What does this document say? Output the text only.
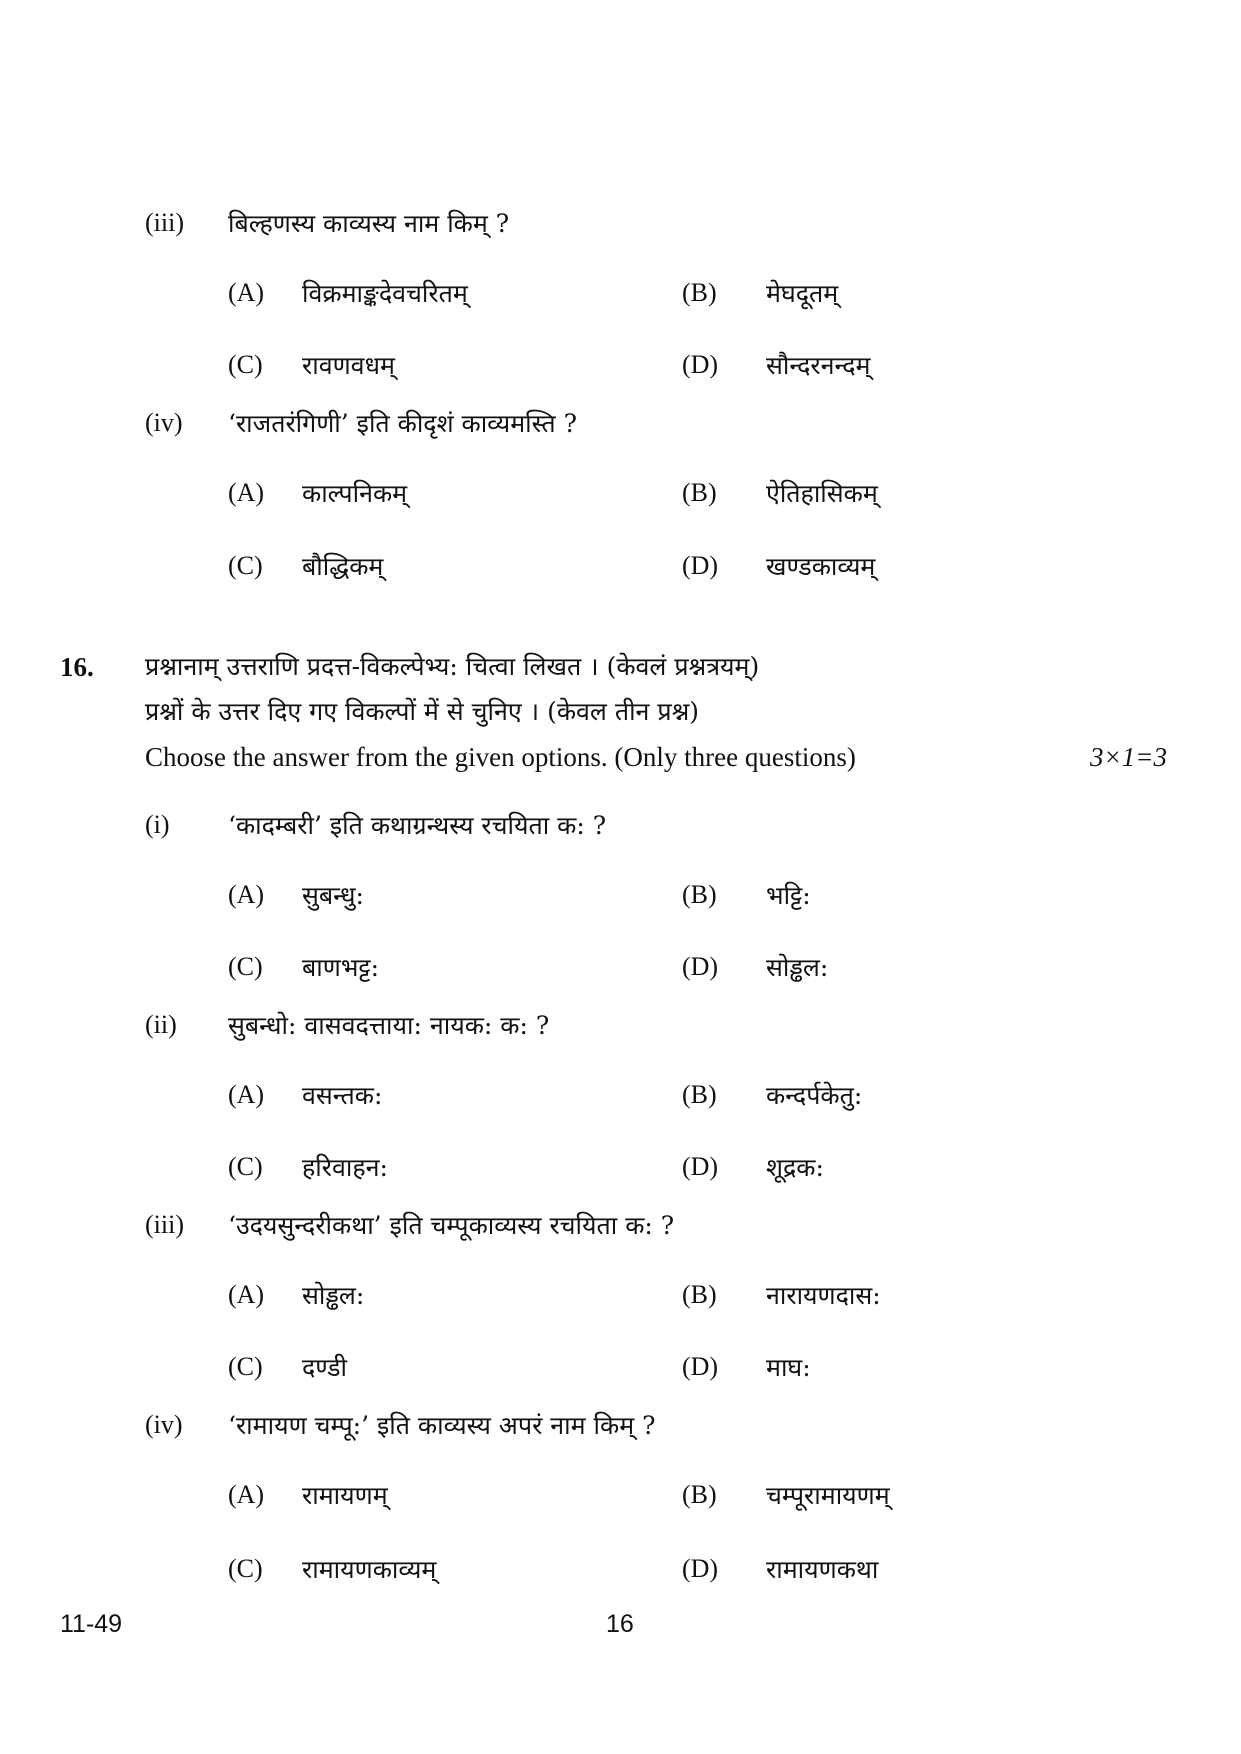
(iii) बिल्हणस्य काव्यस्य नाम किम् ?
(A) विक्रमाङ्कदेवचरितम्	(B) मेघदूतम्
(C) रावणवधम्	(D) सौन्दरनन्दम्
(iv) ‘राजतरंगिणी’ इति कीदृशं काव्यमस्ति ?
(A) काल्पनिकम्	(B) ऐतिहासिकम्
(C) बौद्धिकम्	(D) खण्डकाव्यम्
16. प्रश्नानाम् उत्तराणि प्रदत्त-विकल्पेभ्य: चित्वा लिखत । (केवलं प्रश्नत्रयम्)
प्रश्नों के उत्तर दिए गए विकल्पों में से चुनिए । (केवल तीन प्रश्न)
Choose the answer from the given options. (Only three questions)	3×1=3
(i) ‘कादम्बरी’ इति कथाग्रन्थस्य रचयिता क: ?
(A) सुबन्धु:	(B) भट्टि:
(C) बाणभट्ट:	(D) सोड्ढल:
(ii) सुबन्धो: वासवदत्ताया: नायक: क: ?
(A) वसन्तक:	(B) कन्दर्पकेतु:
(C) हरिवाहन:	(D) शूद्रक:
(iii) ‘उदयसुन्दरीकथा’ इति चम्पूकाव्यस्य रचयिता क: ?
(A) सोड्ढल:	(B) नारायणदास:
(C) दण्डी	(D) माघ:
(iv) ‘रामायण चम्पू:’ इति काव्यस्य अपरं नाम किम् ?
(A) रामायणम्	(B) चम्पूरामायणम्
(C) रामायणकाव्यम्	(D) रामायणकथा
11-49	16
